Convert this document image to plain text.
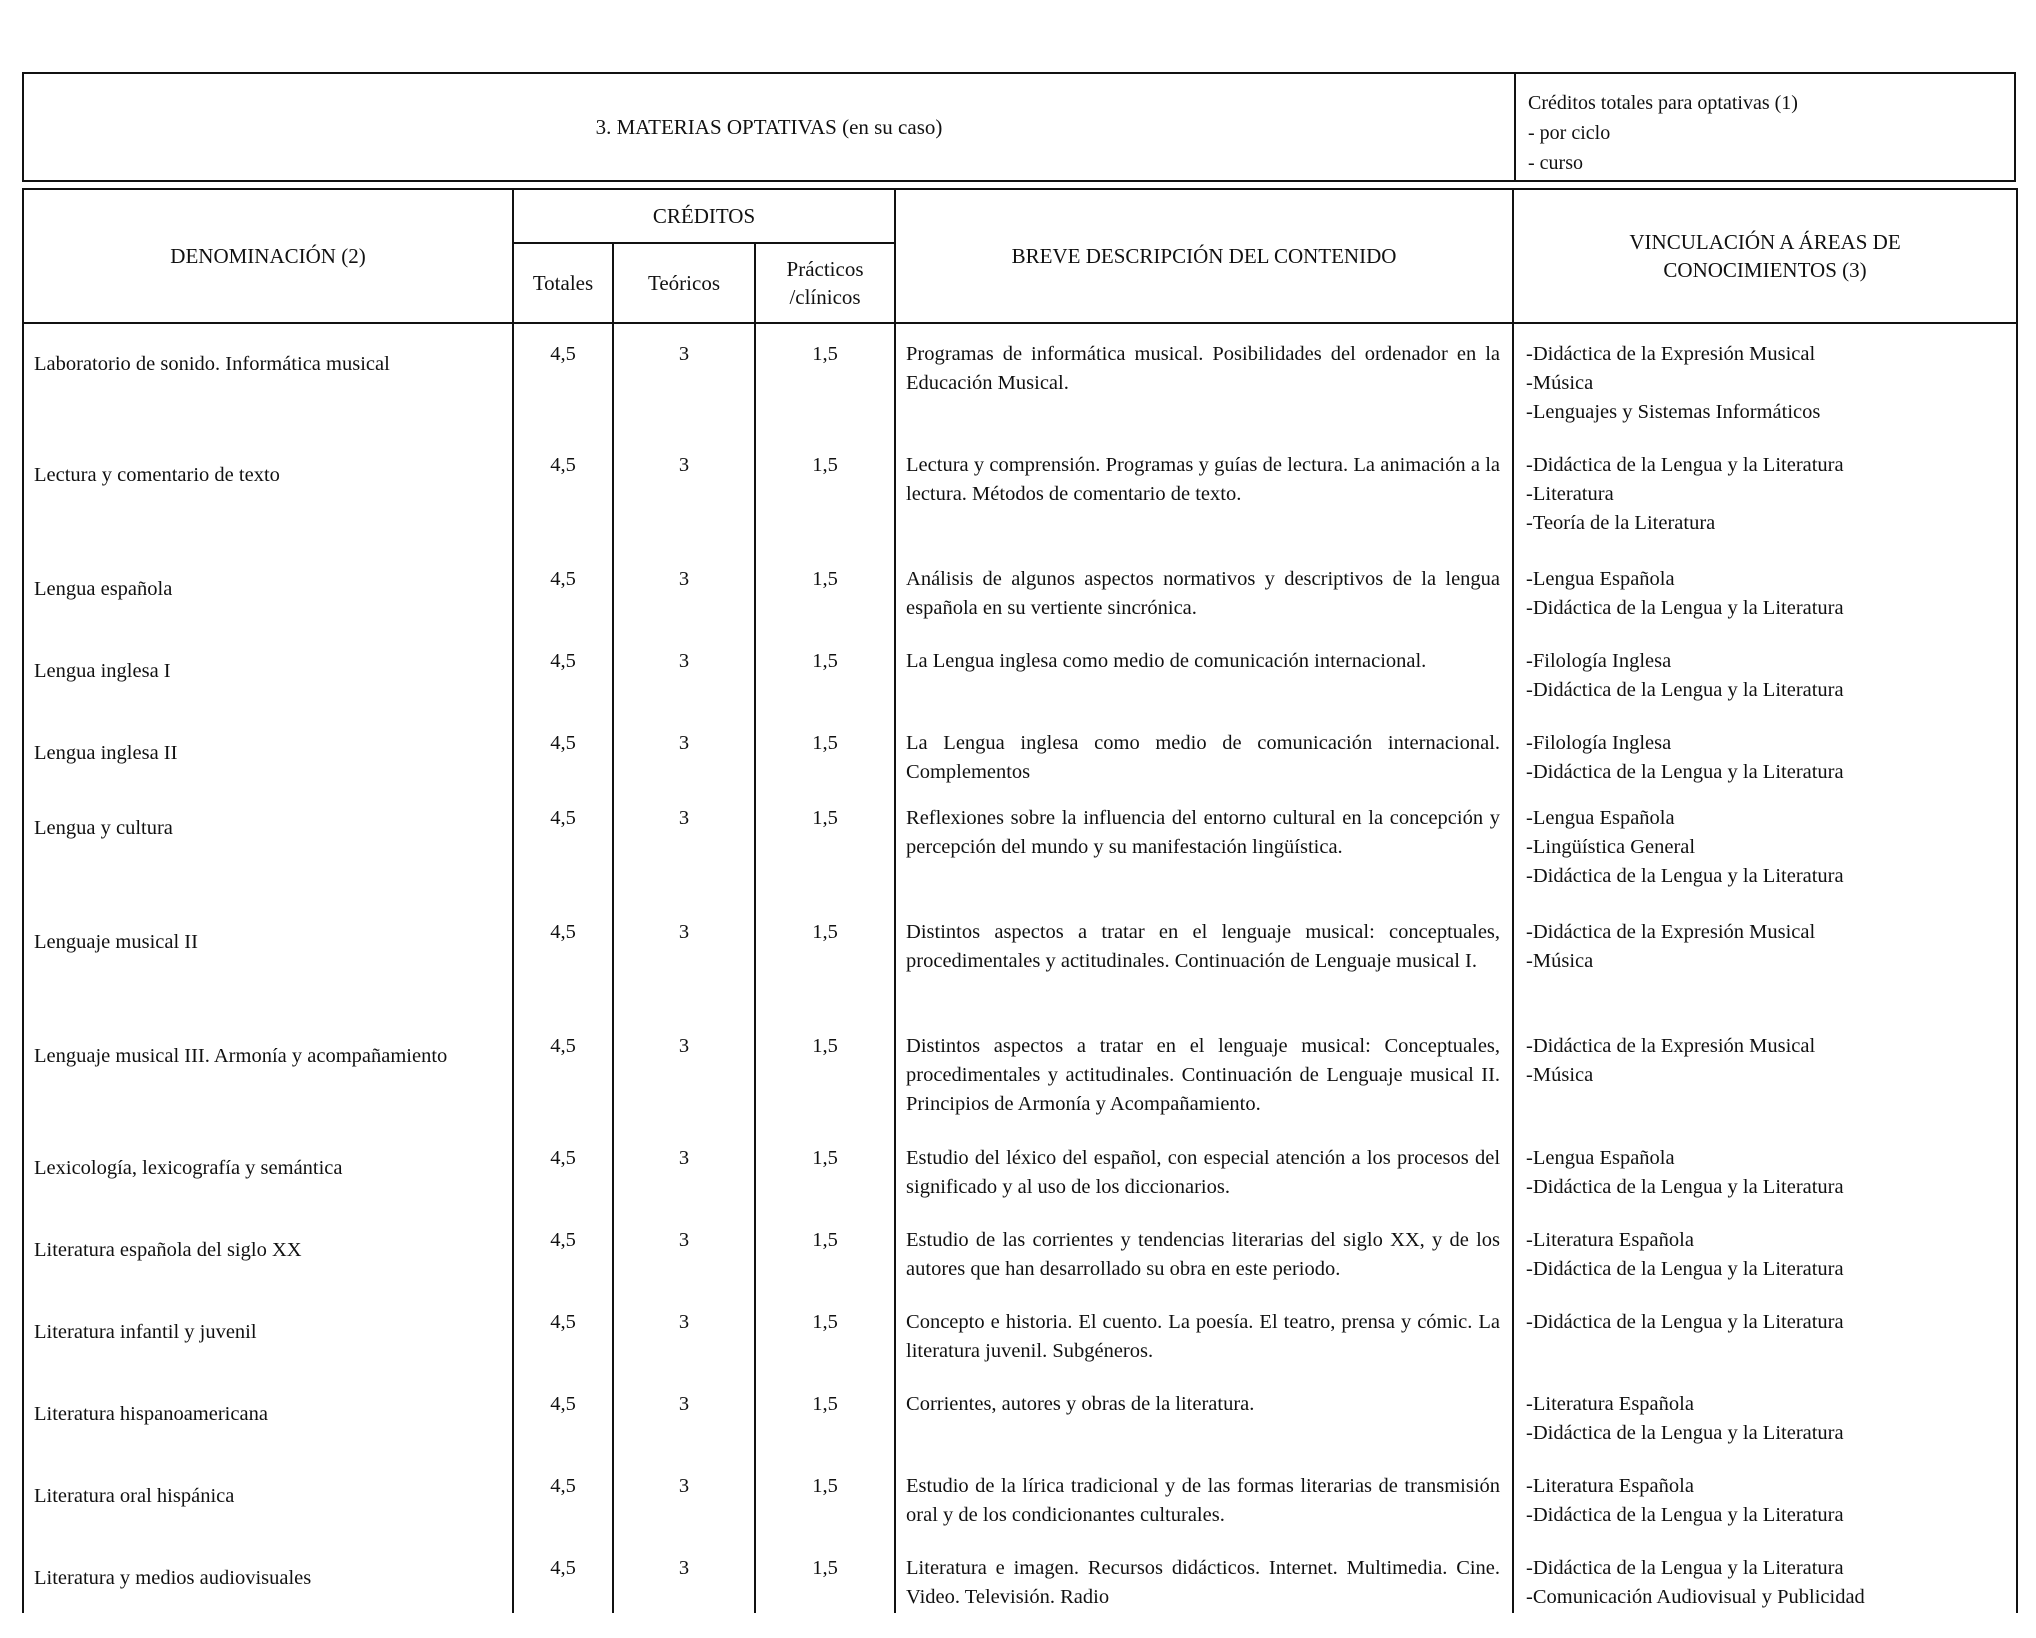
3. MATERIAS OPTATIVAS (en su caso)
Créditos totales para optativas (1)
- por ciclo
- curso
DENOMINACIÓN (2)	CRÉDITOS			BREVE DESCRIPCIÓN DEL CONTENIDO	VINCULACIÓN A ÁREAS DE CONOCIMIENTOS (3)
	Totales	Teóricos	Prácticos /clínicos		
Laboratorio de sonido. Informática musical	4,5	3	1,5	Programas de informática musical. Posibilidades del ordenador en la Educación Musical.	-Didáctica de la Expresión Musical
-Música
-Lenguajes y Sistemas Informáticos

Lectura y comentario de texto	4,5	3	1,5	Lectura y comprensión. Programas y guías de lectura. La animación a la lectura. Métodos de comentario de texto.	-Didáctica de la Lengua y la Literatura
-Literatura
-Teoría de la Literatura

Lengua española	4,5	3	1,5	Análisis de algunos aspectos normativos y descriptivos de la lengua española en su vertiente sincrónica.	-Lengua Española
-Didáctica de la Lengua y la Literatura

Lengua inglesa I	4,5	3	1,5	La Lengua inglesa como medio de comunicación internacional.	-Filología Inglesa
-Didáctica de la Lengua y la Literatura

Lengua inglesa II	4,5	3	1,5	La Lengua inglesa como medio de comunicación internacional. Complementos	-Filología Inglesa
-Didáctica de la Lengua y la Literatura

Lengua y cultura	4,5	3	1,5	Reflexiones sobre la influencia del entorno cultural en la concepción y percepción del mundo y su manifestación lingüística.	-Lengua Española
-Lingüística General
-Didáctica de la Lengua y la Literatura

Lenguaje musical II	4,5	3	1,5	Distintos aspectos a tratar en el lenguaje musical: conceptuales, procedimentales y actitudinales. Continuación de Lenguaje musical I.	-Didáctica de la Expresión Musical
-Música

Lenguaje musical III. Armonía y acompañamiento	4,5	3	1,5	Distintos aspectos a tratar en el lenguaje musical: Conceptuales, procedimentales y actitudinales. Continuación de Lenguaje musical II. Principios de Armonía y Acompañamiento.	-Didáctica de la Expresión Musical
-Música

Lexicología, lexicografía y semántica	4,5	3	1,5	Estudio del léxico del español, con especial atención a los procesos del significado y al uso de los diccionarios.	-Lengua Española
-Didáctica de la Lengua y la Literatura

Literatura española del siglo XX	4,5	3	1,5	Estudio de las corrientes y tendencias literarias del siglo XX, y de los autores que han desarrollado su obra en este periodo.	-Literatura Española
-Didáctica de la Lengua y la Literatura

Literatura infantil y juvenil	4,5	3	1,5	Concepto e historia. El cuento. La poesía. El teatro, prensa y cómic. La literatura juvenil. Subgéneros.	-Didáctica de la Lengua y la Literatura

Literatura hispanoamericana	4,5	3	1,5	Corrientes, autores y obras de la literatura.	-Literatura Española
-Didáctica de la Lengua y la Literatura

Literatura oral hispánica	4,5	3	1,5	Estudio de la lírica tradicional y de las formas literarias de transmisión oral y de los condicionantes culturales.	-Literatura Española
-Didáctica de la Lengua y la Literatura

Literatura y medios audiovisuales	4,5	3	1,5	Literatura e imagen. Recursos didácticos. Internet. Multimedia. Cine. Video. Televisión. Radio	-Didáctica de la Lengua y la Literatura
-Comunicación Audiovisual y Publicidad
